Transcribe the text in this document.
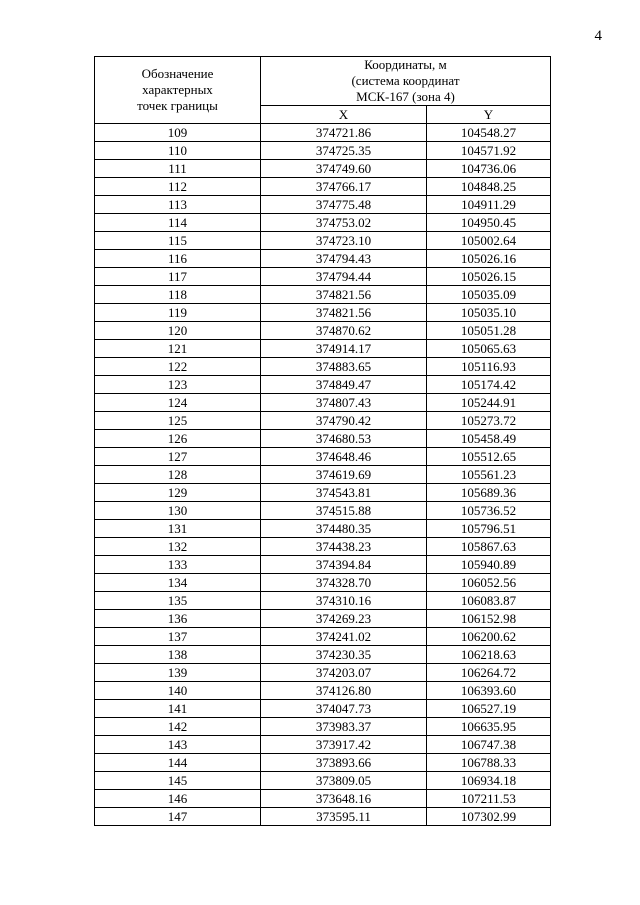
4
Обозначение
характерных
точек границы	Координаты, м
(система координат
МСК-167 (зона 4)	
	X	Y
109	374721.86	104548.27
110	374725.35	104571.92
111	374749.60	104736.06
112	374766.17	104848.25
113	374775.48	104911.29
114	374753.02	104950.45
115	374723.10	105002.64
116	374794.43	105026.16
117	374794.44	105026.15
118	374821.56	105035.09
119	374821.56	105035.10
120	374870.62	105051.28
121	374914.17	105065.63
122	374883.65	105116.93
123	374849.47	105174.42
124	374807.43	105244.91
125	374790.42	105273.72
126	374680.53	105458.49
127	374648.46	105512.65
128	374619.69	105561.23
129	374543.81	105689.36
130	374515.88	105736.52
131	374480.35	105796.51
132	374438.23	105867.63
133	374394.84	105940.89
134	374328.70	106052.56
135	374310.16	106083.87
136	374269.23	106152.98
137	374241.02	106200.62
138	374230.35	106218.63
139	374203.07	106264.72
140	374126.80	106393.60
141	374047.73	106527.19
142	373983.37	106635.95
143	373917.42	106747.38
144	373893.66	106788.33
145	373809.05	106934.18
146	373648.16	107211.53
147	373595.11	107302.99
